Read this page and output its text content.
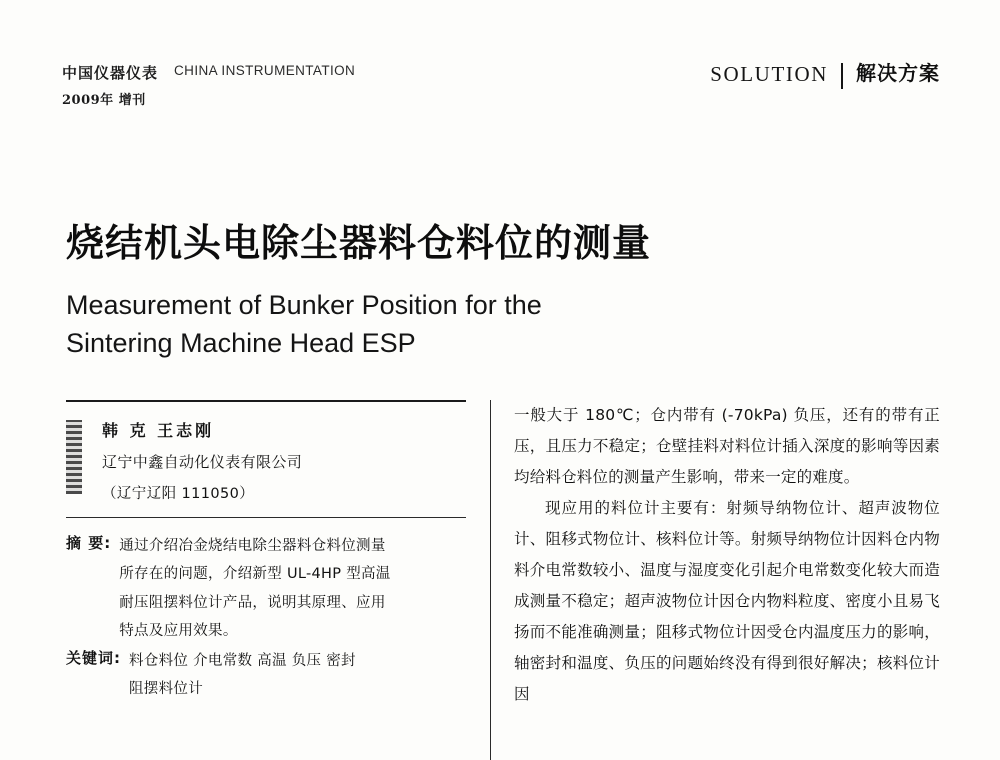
中国仪器仪表 CHINA INSTRUMENTATION
2009年 增刊
SOLUTION 解决方案
烧结机头电除尘器料仓料位的测量
Measurement of Bunker Position for the
Sintering Machine Head ESP
韩 克 王志刚
辽宁中鑫自动化仪表有限公司
（辽宁辽阳 111050）
摘 要: 通过介绍冶金烧结电除尘器料仓料位测量
所存在的问题，介绍新型 UL-4HP 型高温
耐压阻摆料位计产品，说明其原理、应用
特点及应用效果。
关键词: 料仓料位 介电常数 高温 负压 密封
阻摆料位计

一般大于 180℃；仓内带有 (-70kPa) 负压，还有的带有正压，且压力不稳定；仓壁挂料对料位计插入深度的影响等因素均给料仓料位的测量产生影响，带来一定的难度。

现应用的料位计主要有：射频导纳物位计、超声波物位计、阻移式物位计、核料位计等。射频导纳物位计因料仓内物料介电常数较小、温度与湿度变化引起介电常数变化较大而造成测量不稳定；超声波物位计因仓内物料粒度、密度小且易飞扬而不能准确测量；阻移式物位计因受仓内温度压力的影响，轴密封和温度、负压的问题始终没有得到很好解决；核料位计因
